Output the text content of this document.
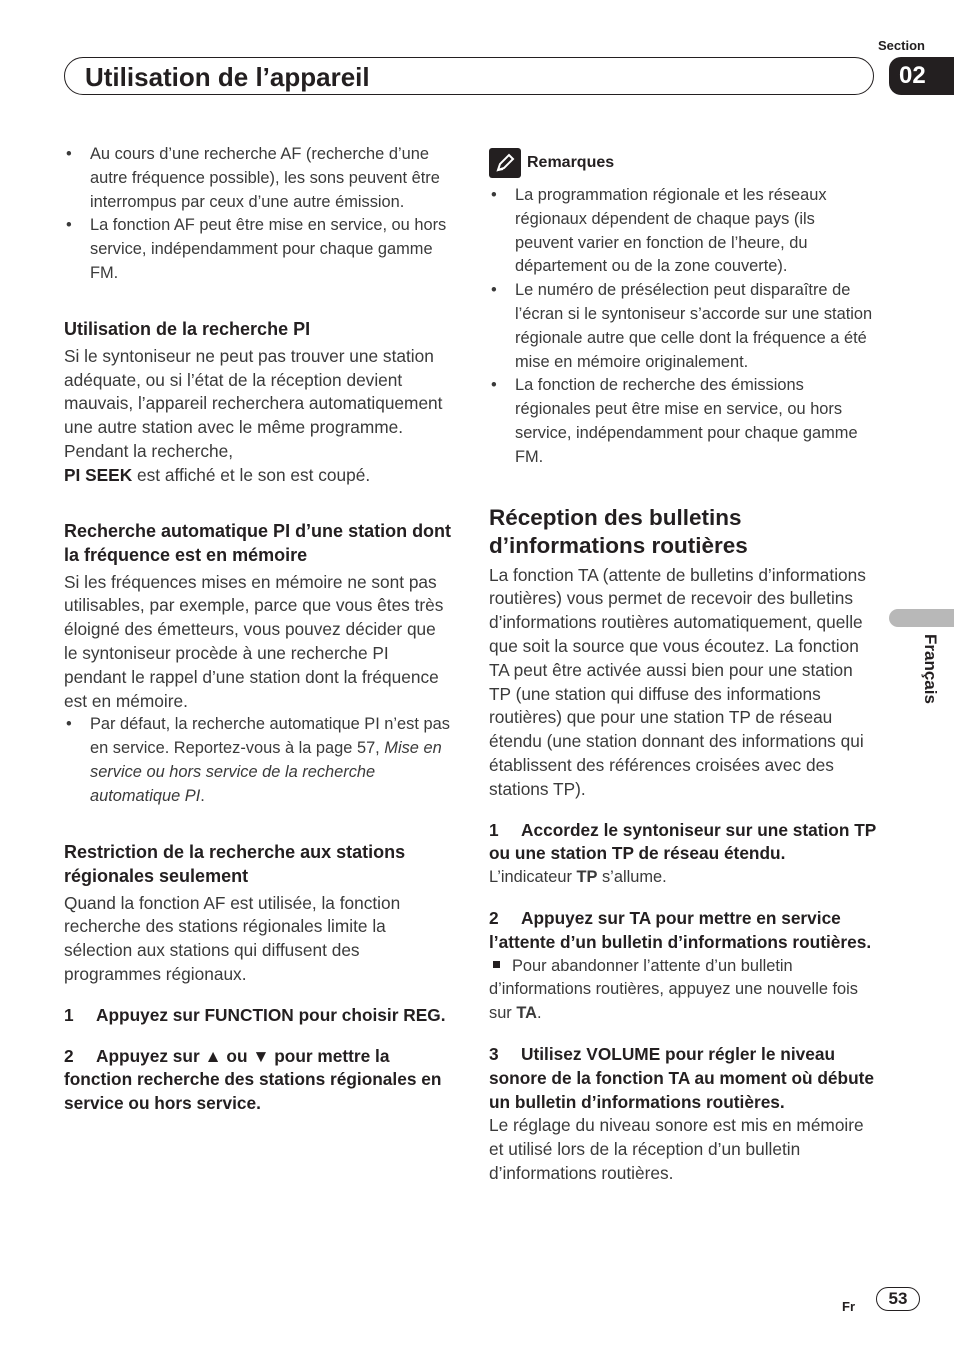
Section
Utilisation de l’appareil	02
Français
• Au cours d’une recherche AF (recherche d’une autre fréquence possible), les sons peuvent être interrompus par ceux d’une autre émission.
• La fonction AF peut être mise en service, ou hors service, indépendamment pour chaque gamme FM.
Utilisation de la recherche PI

Si le syntoniseur ne peut pas trouver une station adéquate, ou si l’état de la réception devient mauvais, l’appareil recherchera automatiquement une autre station avec le même programme. Pendant la recherche,
PI SEEK est affiché et le son est coupé.

Recherche automatique PI d’une station dont la fréquence est en mémoire

Si les fréquences mises en mémoire ne sont pas utilisables, par exemple, parce que vous êtes très éloigné des émetteurs, vous pouvez décider que le syntoniseur procède à une recherche PI pendant le rappel d’une station dont la fréquence est en mémoire.

• Par défaut, la recherche automatique PI n’est pas en service. Reportez-vous à la page 57, Mise en service ou hors service de la recherche automatique PI.
Restriction de la recherche aux stations régionales seulement

Quand la fonction AF est utilisée, la fonction recherche des stations régionales limite la sélection aux stations qui diffusent des programmes régionaux.

1 Appuyez sur FUNCTION pour choisir REG.

2 Appuyez sur ▲ ou ▼ pour mettre la fonction recherche des stations régionales en service ou hors service.

Remarques
• La programmation régionale et les réseaux régionaux dépendent de chaque pays (ils peuvent varier en fonction de l’heure, du département ou de la zone couverte).
• Le numéro de présélection peut disparaître de l’écran si le syntoniseur s’accorde sur une station régionale autre que celle dont la fréquence a été mise en mémoire originalement.
• La fonction de recherche des émissions régionales peut être mise en service, ou hors service, indépendamment pour chaque gamme FM.
Réception des bulletins d’informations routières

La fonction TA (attente de bulletins d’informations routières) vous permet de recevoir des bulletins d’informations routières automatiquement, quelle que soit la source que vous écoutez. La fonction TA peut être activée aussi bien pour une station TP (une station qui diffuse des informations routières) que pour une station TP de réseau étendu (une station donnant des informations qui établissent des références croisées avec des stations TP).

1 Accordez le syntoniseur sur une station TP ou une station TP de réseau étendu.

L’indicateur TP s’allume.

2 Appuyez sur TA pour mettre en service l’attente d’un bulletin d’informations routières.

Pour abandonner l’attente d’un bulletin d’informations routières, appuyez une nouvelle fois sur TA.

3 Utilisez VOLUME pour régler le niveau sonore de la fonction TA au moment où débute un bulletin d’informations routières.

Le réglage du niveau sonore est mis en mémoire et utilisé lors de la réception d’un bulletin d’informations routières.

Fr	53
